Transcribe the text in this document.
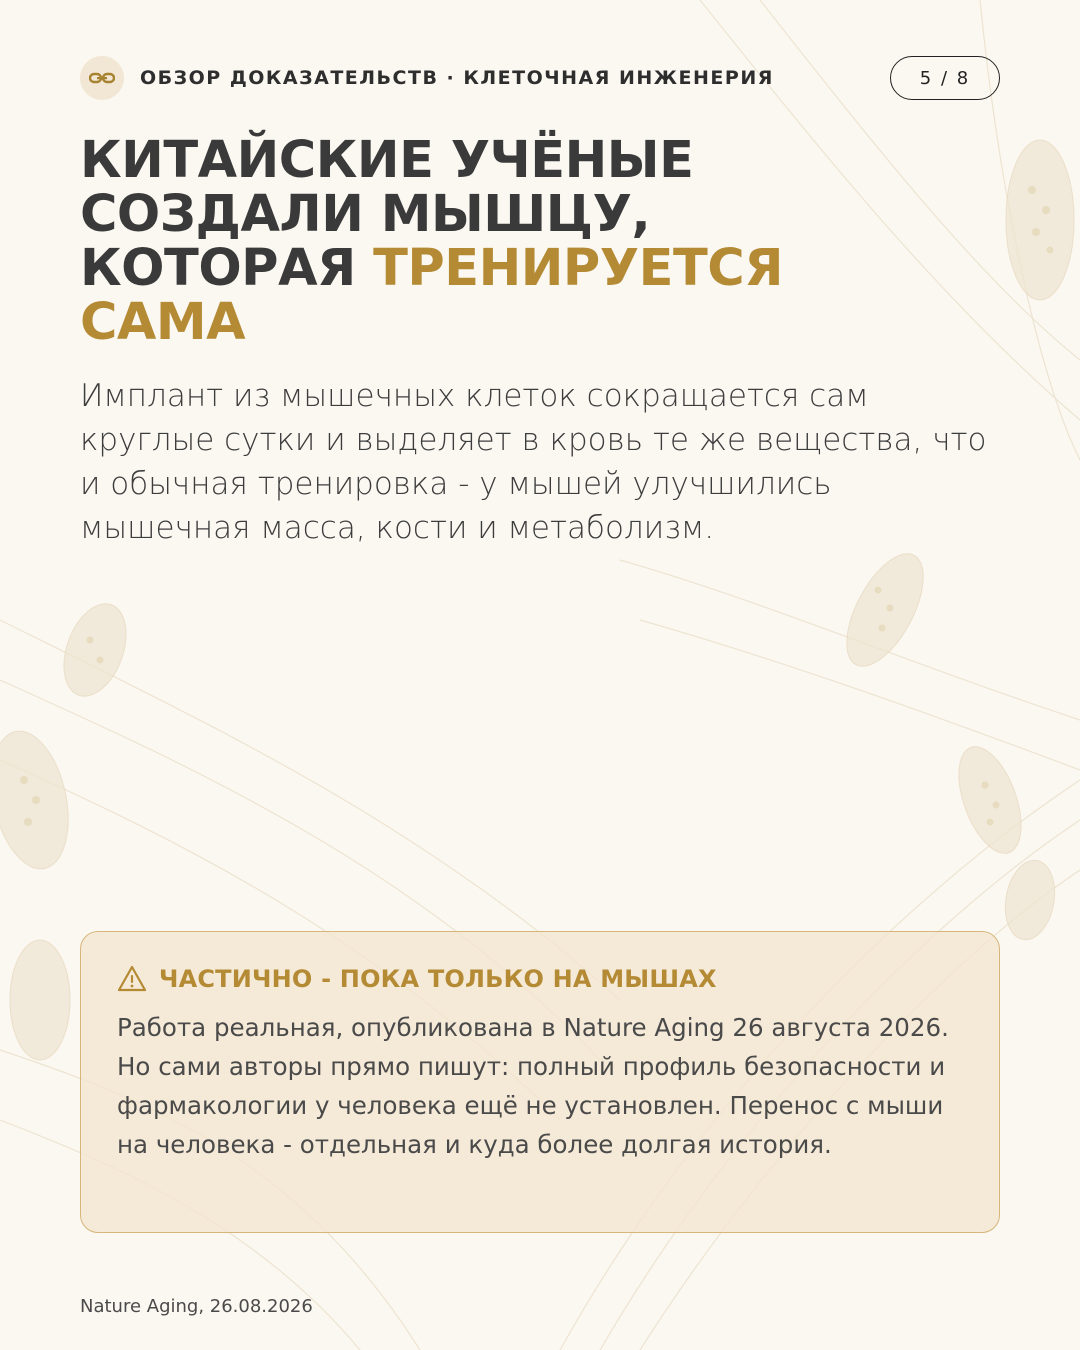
ОБЗОР ДОКАЗАТЕЛЬСТВ · КЛЕТОЧНАЯ ИНЖЕНЕРИЯ	5 / 8
КИТАЙСКИЕ УЧЁНЫЕ
СОЗДАЛИ МЫШЦУ,
КОТОРАЯ ТРЕНИРУЕТСЯ
САМА

Имплант из мышечных клеток сокращается сам круглые сутки и выделяет в кровь те же вещества, что и обычная тренировка - у мышей улучшились мышечная масса, кости и метаболизм.

ЧАСТИЧНО - ПОКА ТОЛЬКО НА МЫШАХ

Работа реальная, опубликована в Nature Aging 26 августа 2026. Но сами авторы прямо пишут: полный профиль безопасности и фармакологии у человека ещё не установлен. Перенос с мыши на человека - отдельная и куда более долгая история.

Nature Aging, 26.08.2026
